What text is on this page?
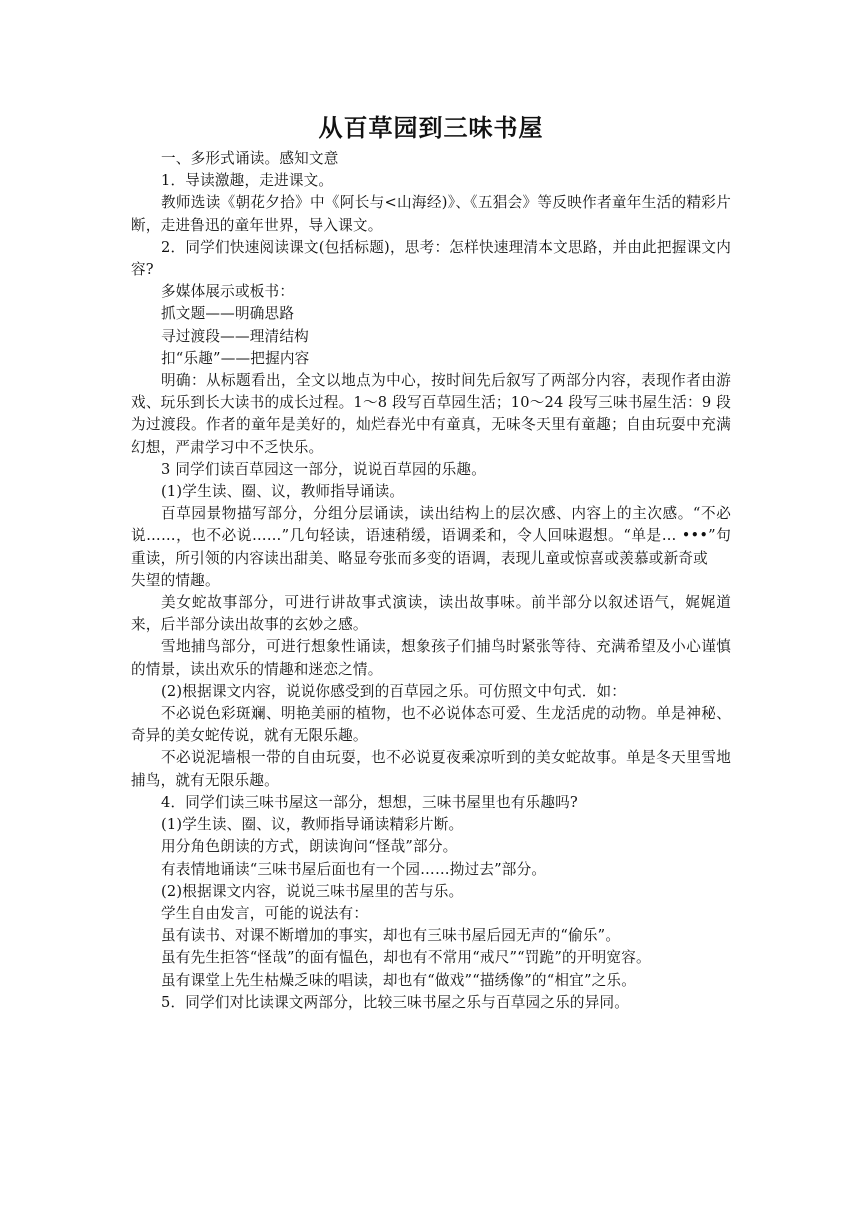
从百草园到三味书屋

一、多形式诵读。感知文意

1．导读激趣，走进课文。

教师选读《朝花夕拾》中《阿长与<山海经)》、《五猖会》等反映作者童年生活的精彩片断，走进鲁迅的童年世界，导入课文。

2．同学们快速阅读课文(包括标题)，思考：怎样快速理清本文思路，并由此把握课文内容?

多媒体展示或板书：

抓文题——明确思路

寻过渡段——理清结构

扣“乐趣”——把握内容

明确：从标题看出，全文以地点为中心，按时间先后叙写了两部分内容，表现作者由游戏、玩乐到长大读书的成长过程。1～8 段写百草园生活；10～24 段写三味书屋生活：9 段为过渡段。作者的童年是美好的，灿烂春光中有童真，无味冬天里有童趣；自由玩耍中充满幻想，严肃学习中不乏快乐。

3 同学们读百草园这一部分，说说百草园的乐趣。

(1)学生读、圈、议，教师指导诵读。

百草园景物描写部分，分组分层诵读，读出结构上的层次感、内容上的主次感。“不必说……，也不必说……”几句轻读，语速稍缓，语调柔和，令人回味遐想。“单是… •••”句重读，所引领的内容读出甜美、略显夸张而多变的语调，表现儿童或惊喜或羡慕或新奇或

失望的情趣。

美女蛇故事部分，可进行讲故事式演读，读出故事味。前半部分以叙述语气，娓娓道来，后半部分读出故事的玄妙之感。

雪地捕鸟部分，可进行想象性诵读，想象孩子们捕鸟时紧张等待、充满希望及小心谨慎的情景，读出欢乐的情趣和迷恋之情。

(2)根据课文内容，说说你感受到的百草园之乐。可仿照文中句式．如：

不必说色彩斑斓、明艳美丽的植物，也不必说体态可爱、生龙活虎的动物。单是神秘、奇异的美女蛇传说，就有无限乐趣。

不必说泥墙根一带的自由玩耍，也不必说夏夜乘凉听到的美女蛇故事。单是冬天里雪地捕鸟，就有无限乐趣。

4．同学们读三味书屋这一部分，想想，三味书屋里也有乐趣吗?

(1)学生读、圈、议，教师指导诵读精彩片断。

用分角色朗读的方式，朗读询问“怪哉”部分。

有表情地诵读“三味书屋后面也有一个园……拗过去”部分。

(2)根据课文内容，说说三味书屋里的苦与乐。

学生自由发言，可能的说法有：

虽有读书、对课不断增加的事实，却也有三味书屋后园无声的“偷乐”。

虽有先生拒答“怪哉”的面有愠色，却也有不常用“戒尺”“罚跪”的开明宽容。

虽有课堂上先生枯燥乏味的唱读，却也有“做戏”“描绣像”的“相宜”之乐。

5．同学们对比读课文两部分，比较三味书屋之乐与百草园之乐的异同。
